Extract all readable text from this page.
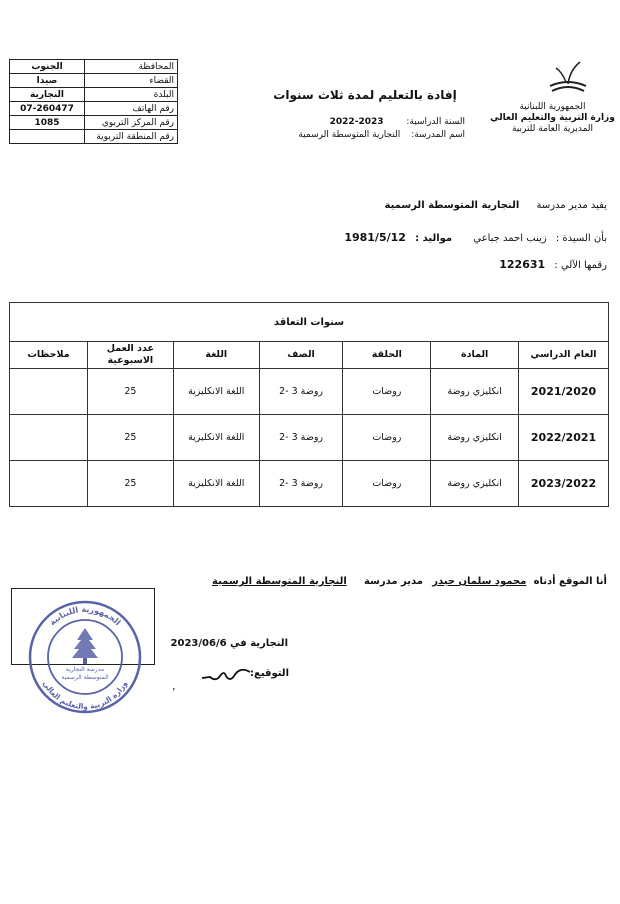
المحافظة	الجنوب
القضاء	صيدا
البلدة	النجارية
رقم الهاتف	07-260477
رقم المركز التربوي	1085
رقم المنطقة التربوية	
الجمهورية اللبنانية
وزارة التربية والتعليم العالي
المديرية العامة للتربية
إفادة بالتعليم لمدة ثلاث سنوات
السنة الدراسية: 2023-2022
اسم المدرسة: النجارية المتوسطة الرسمية
يفيد مدير مدرسة النجارية المتوسطة الرسمية
بأن السيدة : زينب احمد جباعي مواليد : 1981/5/12
رقمها الآلي : 122631
سنوات التعاقد						
العام الدراسي	المادة	الحلقة	الصف	اللغة	عدد العمل الاسبوعية	ملاحظات
2021/2020	انكليزي روضة	روضات	روضة 3 -2	اللغة الانكليزية	25	
2022/2021	انكليزي روضة	روضات	روضة 3 -2	اللغة الانكليزية	25	
2023/2022	انكليزي روضة	روضات	روضة 3 -2	اللغة الانكليزية	25	
أنا الموقع أدناه محمود سلمان حيدر مدير مدرسة النجارية المتوسطة الرسمية
النجارية في 2023/06/6
التوقيع:
مدرسة النجارية
المتوسطة الرسمية
الجمهورية اللبنانية
وزارة التربية والتعليم العالي
’
